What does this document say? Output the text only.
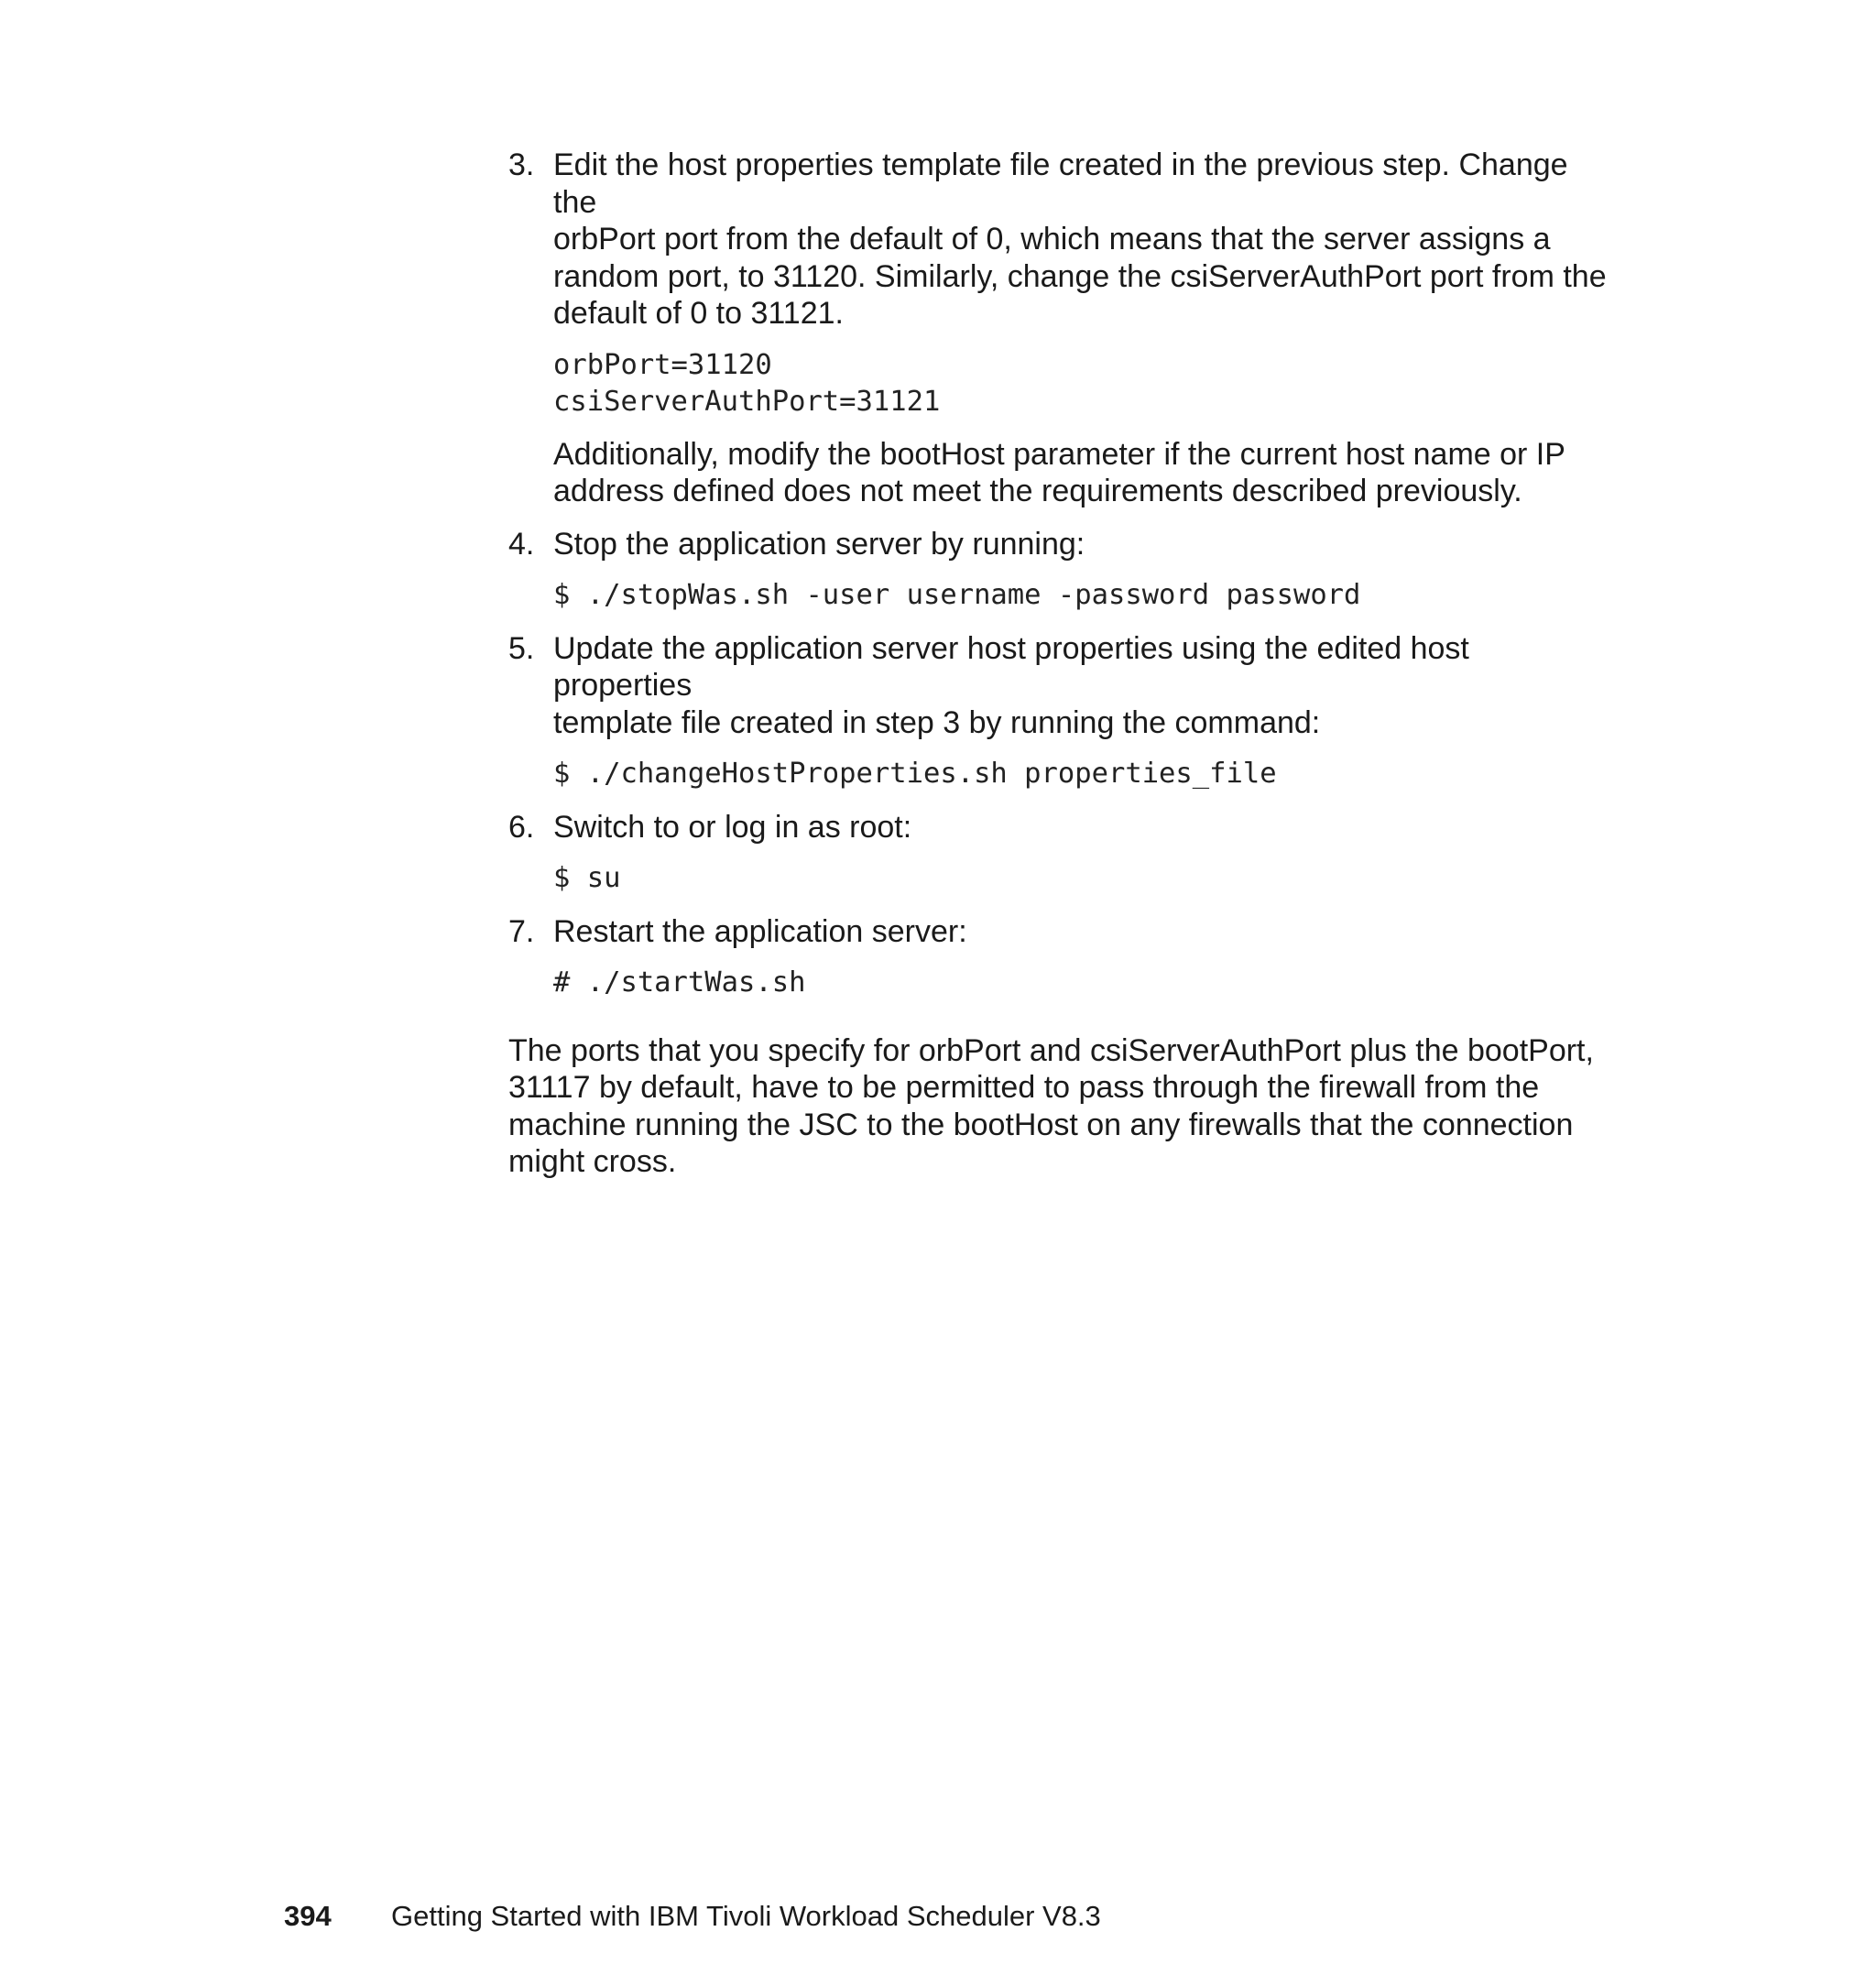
3. Edit the host properties template file created in the previous step. Change the
orbPort port from the default of 0, which means that the server assigns a
random port, to 31120. Similarly, change the csiServerAuthPort port from the
default of 0 to 31121.

orbPort=31120

csiServerAuthPort=31121

Additionally, modify the bootHost parameter if the current host name or IP
address defined does not meet the requirements described previously.

4. Stop the application server by running:

$ ./stopWas.sh -user username -password password

5. Update the application server host properties using the edited host properties
template file created in step 3 by running the command:

$ ./changeHostProperties.sh properties_file

6. Switch to or log in as root:

$ su

7. Restart the application server:

# ./startWas.sh

The ports that you specify for orbPort and csiServerAuthPort plus the bootPort,
31117 by default, have to be permitted to pass through the firewall from the
machine running the JSC to the bootHost on any firewalls that the connection
might cross.

394 Getting Started with IBM Tivoli Workload Scheduler V8.3
